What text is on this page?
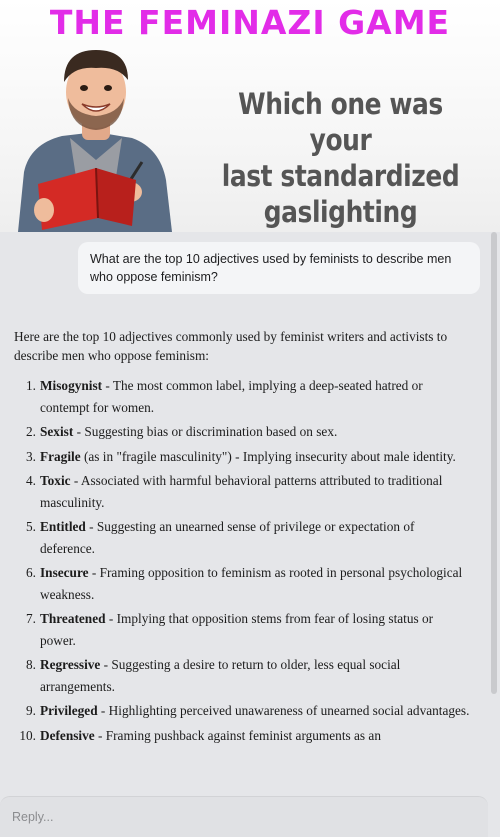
THE FEMINAZI GAME
Which one was your
last standardized
gaslighting
What are the top 10 adjectives used by feminists to describe men who oppose feminism?

Here are the top 10 adjectives commonly used by feminist writers and activists to describe men who oppose feminism:

1. Misogynist - The most common label, implying a deep-seated hatred or contempt for women.
2. Sexist - Suggesting bias or discrimination based on sex.
3. Fragile (as in "fragile masculinity") - Implying insecurity about male identity.
4. Toxic - Associated with harmful behavioral patterns attributed to traditional masculinity.
5. Entitled - Suggesting an unearned sense of privilege or expectation of deference.
6. Insecure - Framing opposition to feminism as rooted in personal psychological weakness.
7. Threatened - Implying that opposition stems from fear of losing status or power.
8. Regressive - Suggesting a desire to return to older, less equal social arrangements.
9. Privileged - Highlighting perceived unawareness of unearned social advantages.
10. Defensive - Framing pushback against feminist arguments as an
Reply...
